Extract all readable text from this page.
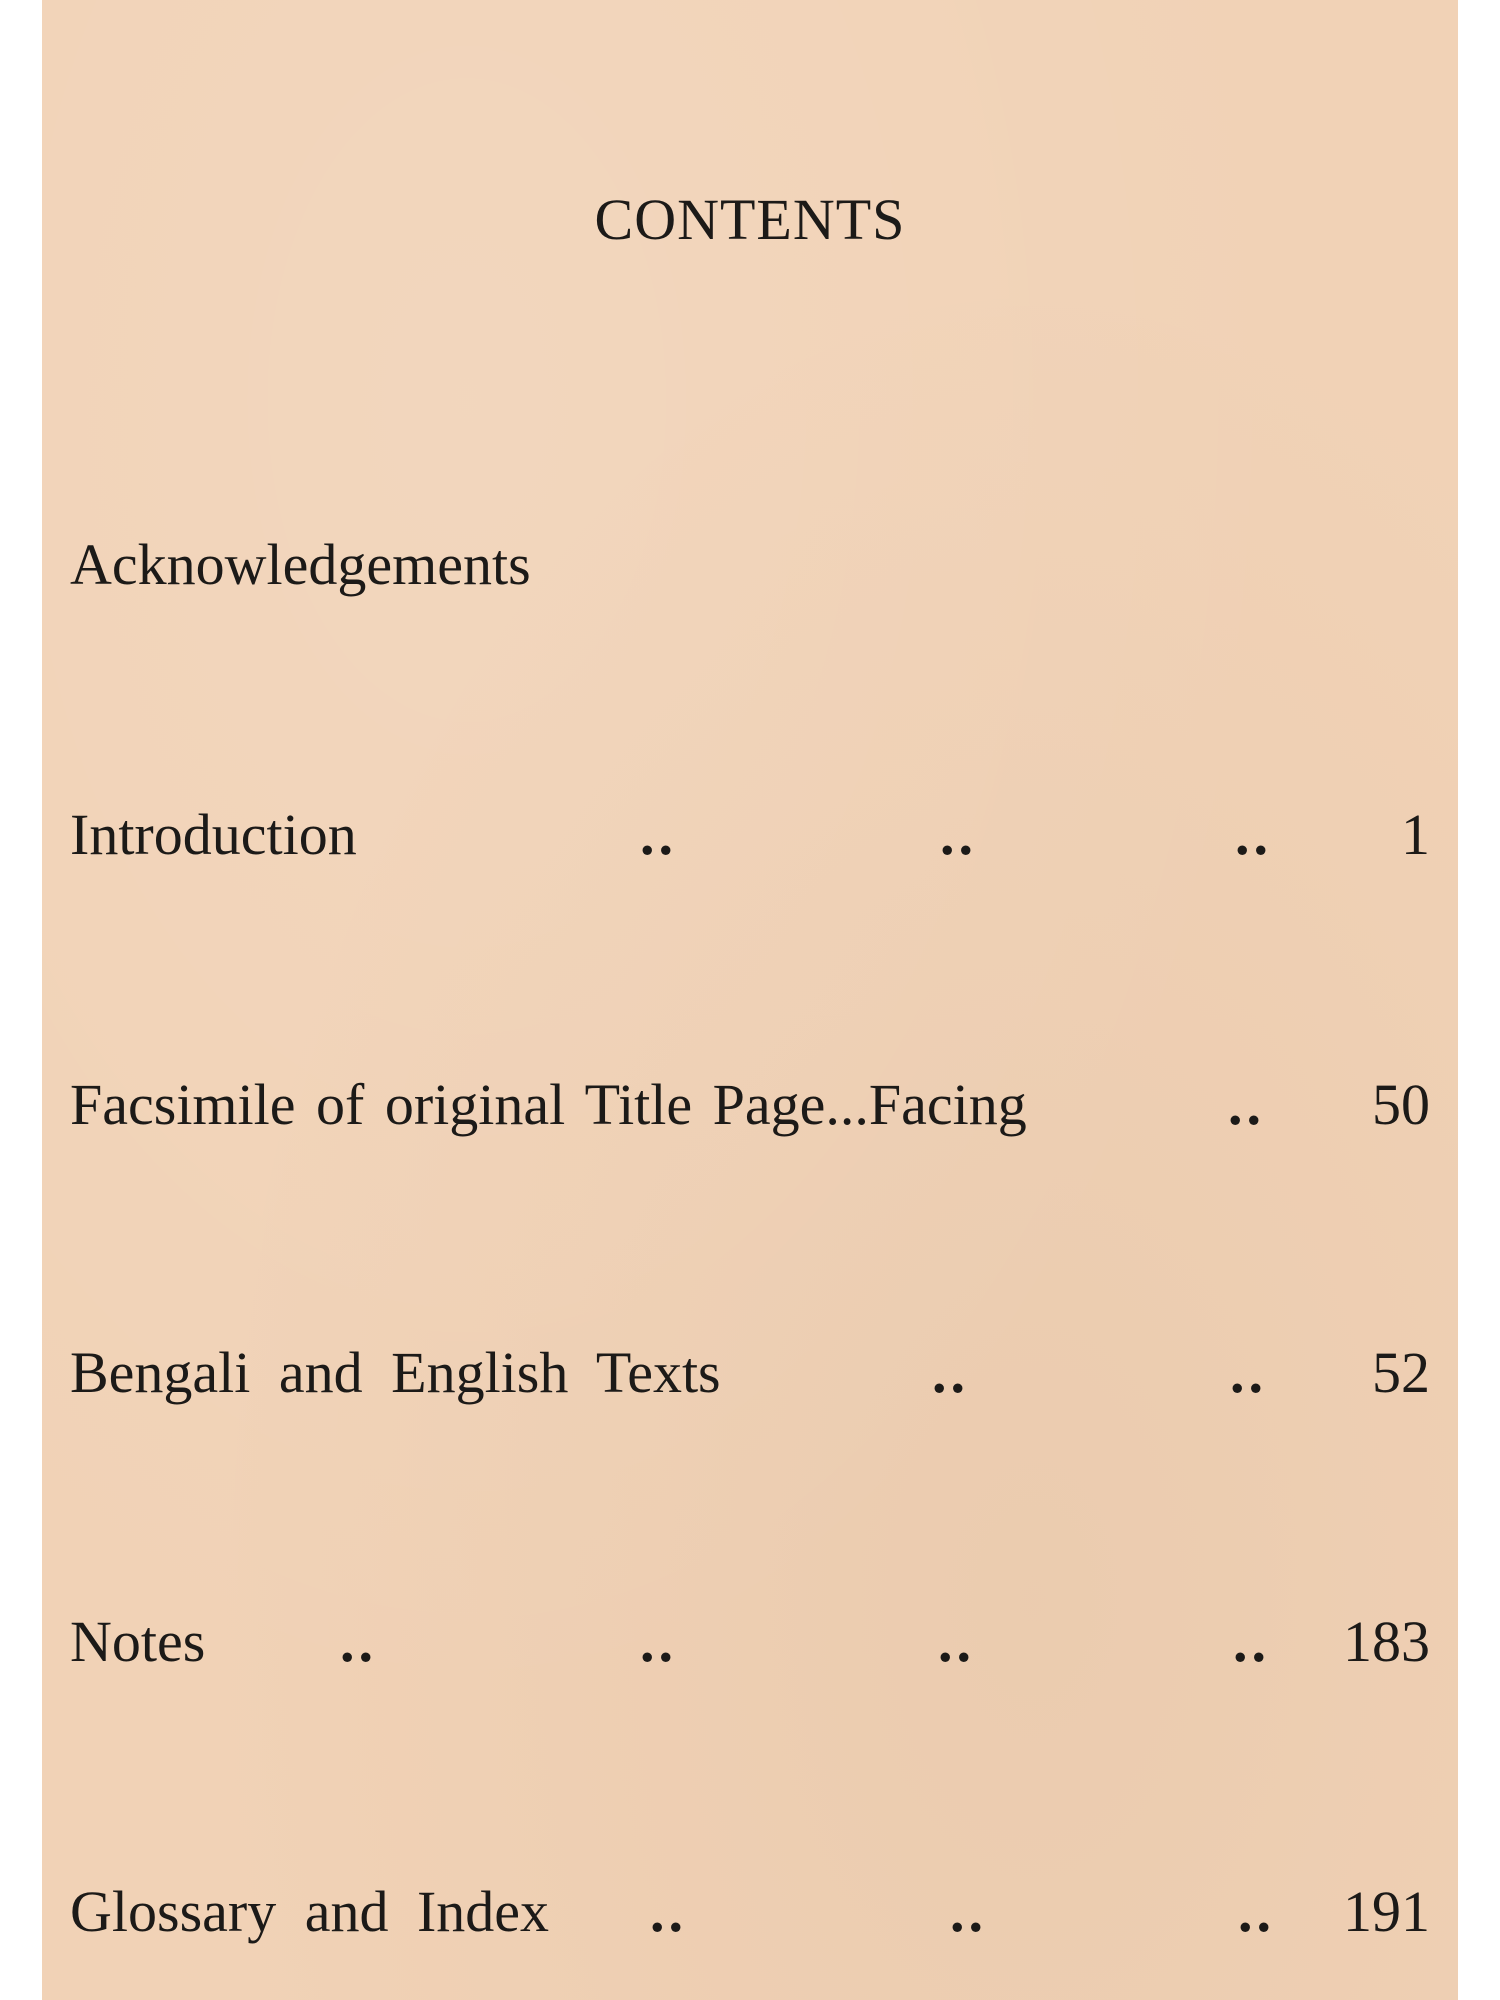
CONTENTS
Acknowledgements
Introduction	..	..	.. 1
Facsimile of original Title Page...Facing	.. 50
Bengali and English Texts	..	.. 52
Notes ..	..	..	.. 183
Glossary and Index ..	..	.. 191
